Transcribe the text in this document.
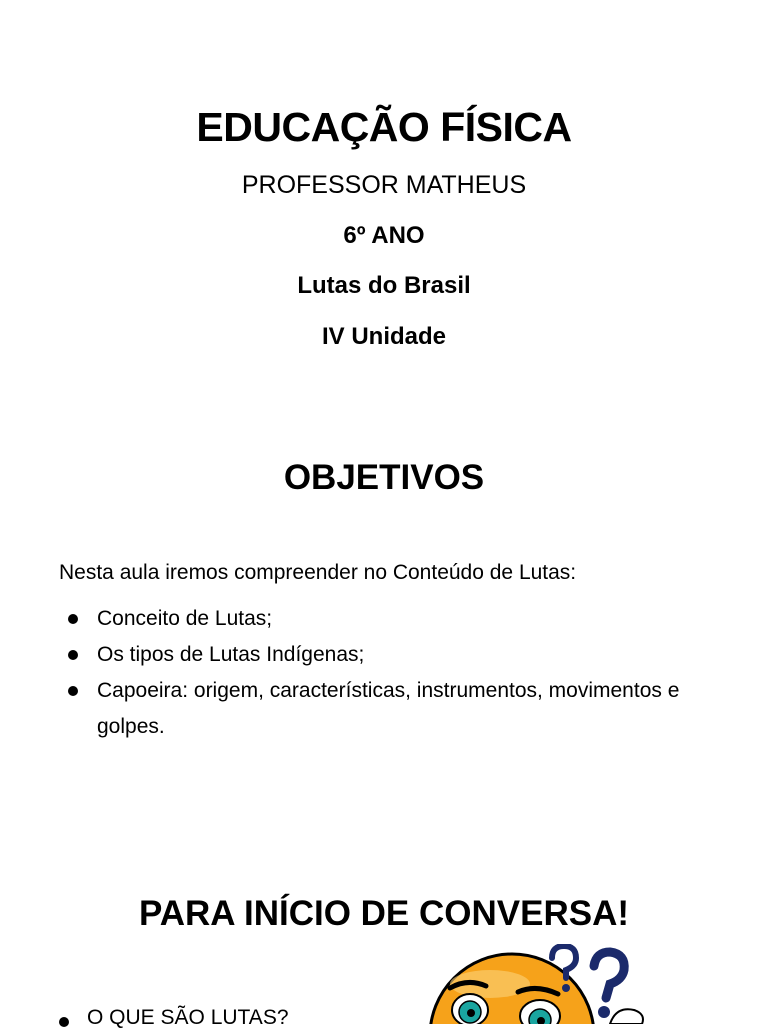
EDUCAÇÃO FÍSICA
PROFESSOR MATHEUS
6º ANO
Lutas do Brasil
IV Unidade
OBJETIVOS
Nesta aula iremos compreender no Conteúdo de Lutas:
Conceito de Lutas;
Os tipos de Lutas Indígenas;
Capoeira: origem, características, instrumentos, movimentos e golpes.
PARA INÍCIO DE CONVERSA!
O QUE SÃO LUTAS?
